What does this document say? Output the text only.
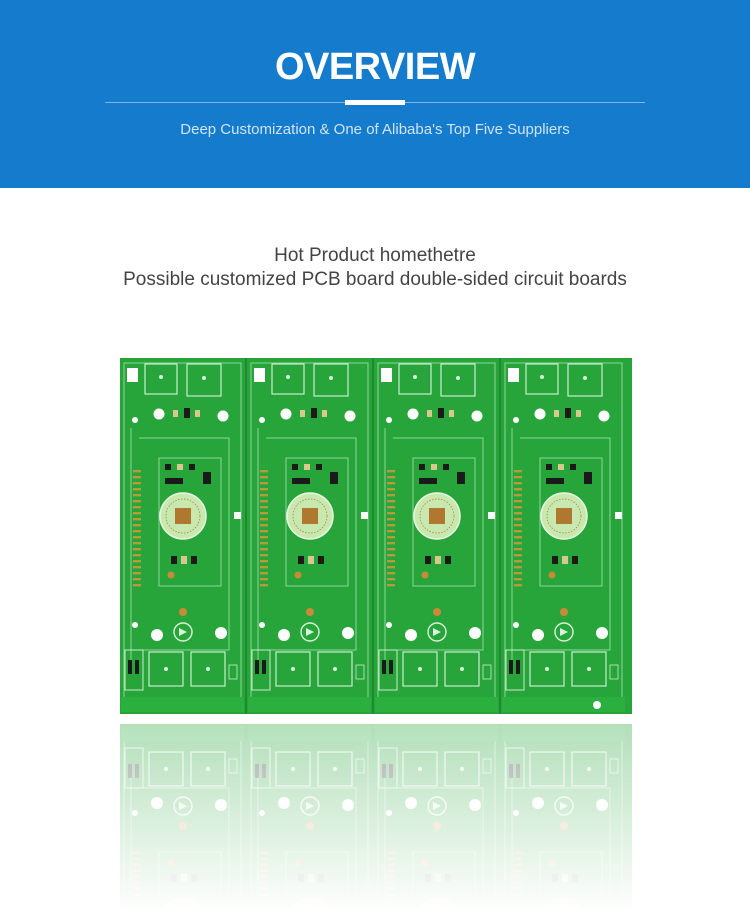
OVERVIEW
Deep Customization & One of Alibaba's Top Five Suppliers
Hot Product homethetre
Possible customized PCB board double-sided circuit boards
